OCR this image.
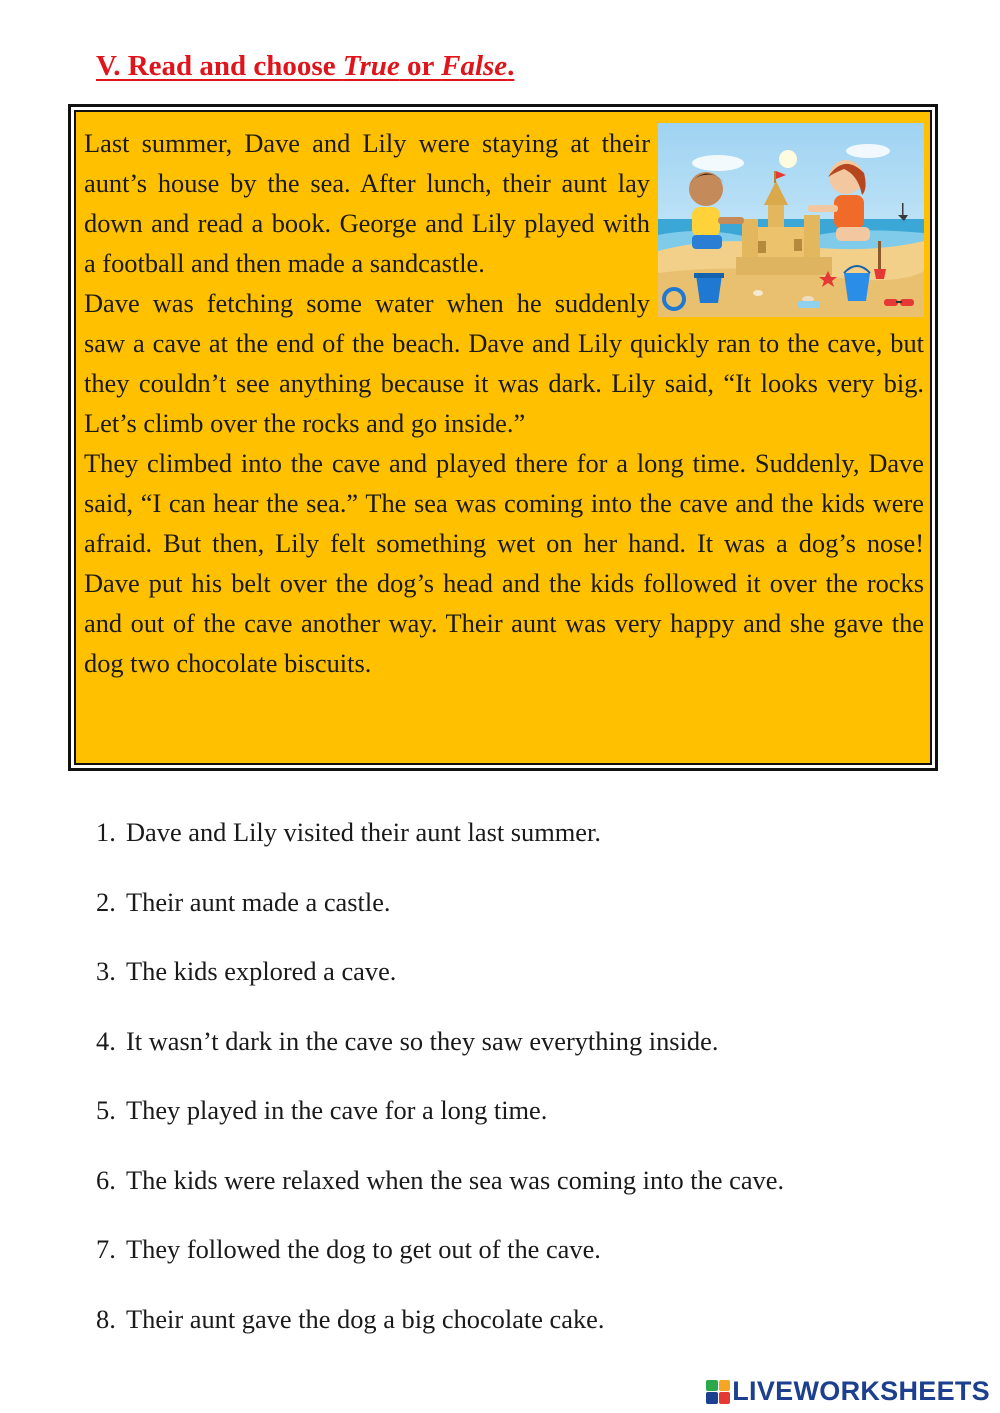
V. Read and choose True or False.

Last summer, Dave and Lily were staying at their aunt’s house by the sea. After lunch, their aunt lay down and read a book. George and Lily played with a football and then made a sandcastle.

Dave was fetching some water when he suddenly saw a cave at the end of the beach. Dave and Lily quickly ran to the cave, but they couldn’t see anything because it was dark. Lily said, “It looks very big. Let’s climb over the rocks and go inside.”

They climbed into the cave and played there for a long time. Suddenly, Dave said, “I can hear the sea.” The sea was coming into the cave and the kids were afraid. But then, Lily felt something wet on her hand. It was a dog’s nose! Dave put his belt over the dog’s head and the kids followed it over the rocks and out of the cave another way. Their aunt was very happy and she gave the dog two chocolate biscuits.

1. Dave and Lily visited their aunt last summer.
2. Their aunt made a castle.
3. The kids explored a cave.
4. It wasn’t dark in the cave so they saw everything inside.
5. They played in the cave for a long time.
6. The kids were relaxed when the sea was coming into the cave.
7. They followed the dog to get out of the cave.
8. Their aunt gave the dog a big chocolate cake.
LIVEWORKSHEETS
